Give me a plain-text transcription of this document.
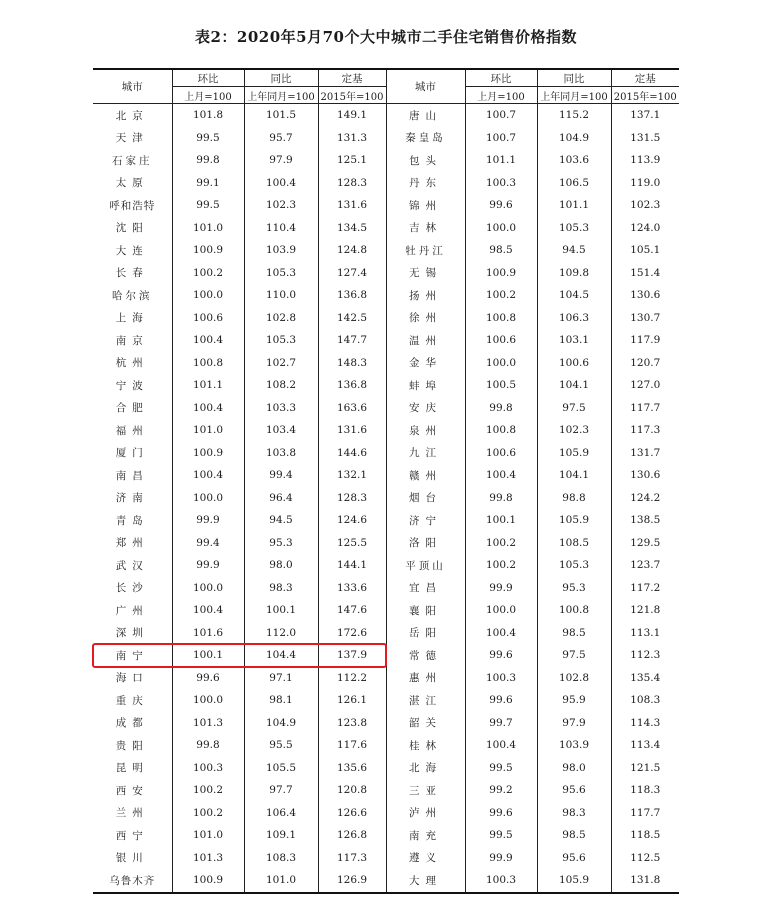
表2：2020年5月70个大中城市二手住宅销售价格指数
城市	环比	同比	定基	城市	环比	同比	定基
	上月=100	上年同月=100	2015年=100		上月=100	上年同月=100	2015年=100
北京	101.8	101.5	149.1	唐山	100.7	115.2	137.1
天津	99.5	95.7	131.3	秦皇岛	100.7	104.9	131.5
石家庄	99.8	97.9	125.1	包头	101.1	103.6	113.9
太原	99.1	100.4	128.3	丹东	100.3	106.5	119.0
呼和浩特	99.5	102.3	131.6	锦州	99.6	101.1	102.3
沈阳	101.0	110.4	134.5	吉林	100.0	105.3	124.0
大连	100.9	103.9	124.8	牡丹江	98.5	94.5	105.1
长春	100.2	105.3	127.4	无锡	100.9	109.8	151.4
哈尔滨	100.0	110.0	136.8	扬州	100.2	104.5	130.6
上海	100.6	102.8	142.5	徐州	100.8	106.3	130.7
南京	100.4	105.3	147.7	温州	100.6	103.1	117.9
杭州	100.8	102.7	148.3	金华	100.0	100.6	120.7
宁波	101.1	108.2	136.8	蚌埠	100.5	104.1	127.0
合肥	100.4	103.3	163.6	安庆	99.8	97.5	117.7
福州	101.0	103.4	131.6	泉州	100.8	102.3	117.3
厦门	100.9	103.8	144.6	九江	100.6	105.9	131.7
南昌	100.4	99.4	132.1	赣州	100.4	104.1	130.6
济南	100.0	96.4	128.3	烟台	99.8	98.8	124.2
青岛	99.9	94.5	124.6	济宁	100.1	105.9	138.5
郑州	99.4	95.3	125.5	洛阳	100.2	108.5	129.5
武汉	99.9	98.0	144.1	平顶山	100.2	105.3	123.7
长沙	100.0	98.3	133.6	宜昌	99.9	95.3	117.2
广州	100.4	100.1	147.6	襄阳	100.0	100.8	121.8
深圳	101.6	112.0	172.6	岳阳	100.4	98.5	113.1
南宁	100.1	104.4	137.9	常德	99.6	97.5	112.3
海口	99.6	97.1	112.2	惠州	100.3	102.8	135.4
重庆	100.0	98.1	126.1	湛江	99.6	95.9	108.3
成都	101.3	104.9	123.8	韶关	99.7	97.9	114.3
贵阳	99.8	95.5	117.6	桂林	100.4	103.9	113.4
昆明	100.3	105.5	135.6	北海	99.5	98.0	121.5
西安	100.2	97.7	120.8	三亚	99.2	95.6	118.3
兰州	100.2	106.4	126.6	泸州	99.6	98.3	117.7
西宁	101.0	109.1	126.8	南充	99.5	98.5	118.5
银川	101.3	108.3	117.3	遵义	99.9	95.6	112.5
乌鲁木齐	100.9	101.0	126.9	大理	100.3	105.9	131.8
